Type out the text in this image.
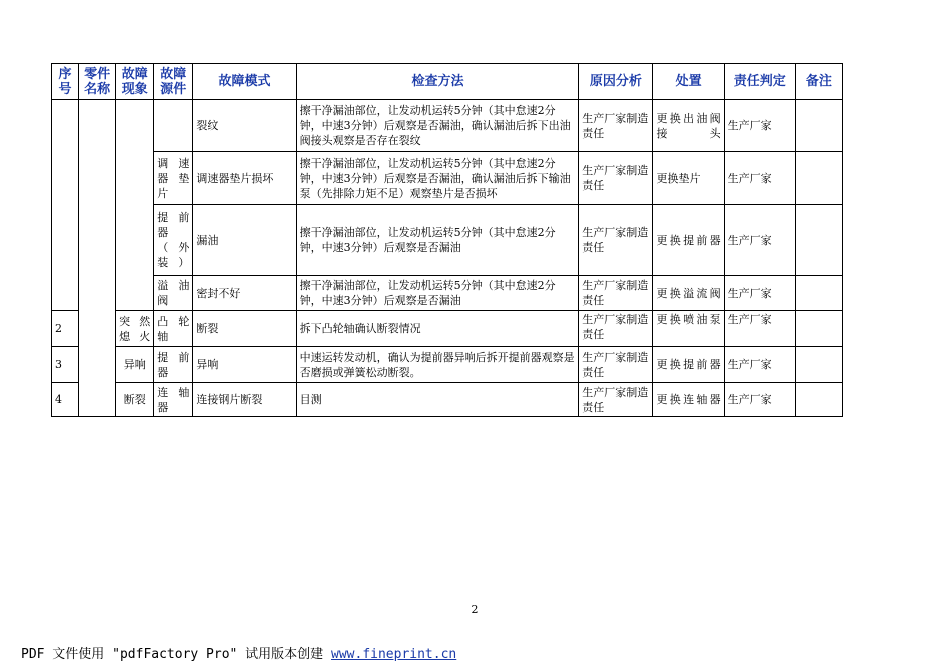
序号	零件名称	故障现象	故障源件	故障模式	检查方法	原因分析	处置	责任判定	备注
				裂纹	擦干净漏油部位，让发动机运转5分钟（其中怠速2分钟，中速3分钟）后观察是否漏油，确认漏油后拆下出油阀接头观察是否存在裂纹	生产厂家制造责任	更换出油阀接头	生产厂家	
			调速器垫片	调速器垫片损坏	擦干净漏油部位，让发动机运转5分钟（其中怠速2分钟，中速3分钟）后观察是否漏油，确认漏油后拆下输油泵（先排除力矩不足）观察垫片是否损坏	生产厂家制造责任	更换垫片	生产厂家	
			提前器（外装）	漏油	擦干净漏油部位，让发动机运转5分钟（其中怠速2分钟，中速3分钟）后观察是否漏油	生产厂家制造责任	更换提前器	生产厂家	
			溢油阀	密封不好	擦干净漏油部位，让发动机运转5分钟（其中怠速2分钟，中速3分钟）后观察是否漏油	生产厂家制造责任	更换溢流阀	生产厂家	
2		突然熄火	凸轮轴	断裂	拆下凸轮轴确认断裂情况	生产厂家制造责任	更换喷油泵	生产厂家	
3		异响	提前器	异响	中速运转发动机，确认为提前器异响后拆开提前器观察是否磨损或弹簧松动断裂。	生产厂家制造责任	更换提前器	生产厂家	
4		断裂	连轴器	连接钢片断裂	目测	生产厂家制造责任	更换连轴器	生产厂家	
2
PDF 文件使用 "pdfFactory Pro" 试用版本创建 www.fineprint.cn
